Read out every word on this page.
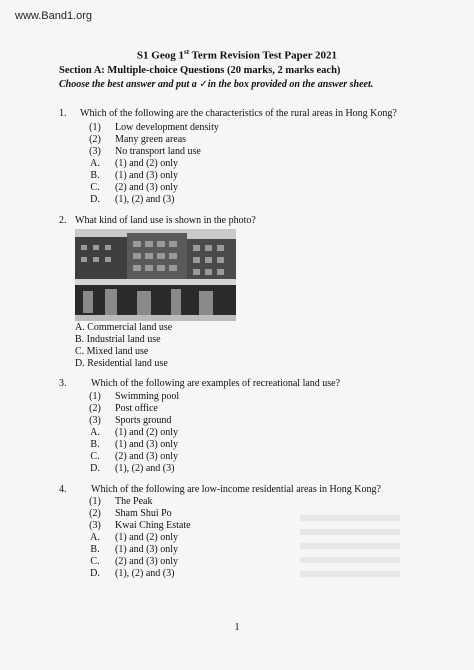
www.Band1.org
S1 Geog 1st Term Revision Test Paper 2021
Section A: Multiple-choice Questions (20 marks, 2 marks each)
Choose the best answer and put a ✓in the box provided on the answer sheet.
1. Which of the following are the characteristics of the rural areas in Hong Kong?
(1) Low development density
(2) Many green areas
(3) No transport land use
A.	(1) and (2) only
B.	(1) and (3) only
C.	(2) and (3) only
D.	(1), (2) and (3)
2. What kind of land use is shown in the photo?
A. Commercial land use
B. Industrial land use
C. Mixed land use
D. Residential land use
3. Which of the following are examples of recreational land use?
(1) Swimming pool
(2) Post office
(3) Sports ground
A.	(1) and (2) only
B.	(1) and (3) only
C.	(2) and (3) only
D.	(1), (2) and (3)
4. Which of the following are low-income residential areas in Hong Kong?
(1) The Peak
(2) Sham Shui Po
(3) Kwai Ching Estate
A.	(1) and (2) only
B.	(1) and (3) only
C.	(2) and (3) only
D.	(1), (2) and (3)
1
